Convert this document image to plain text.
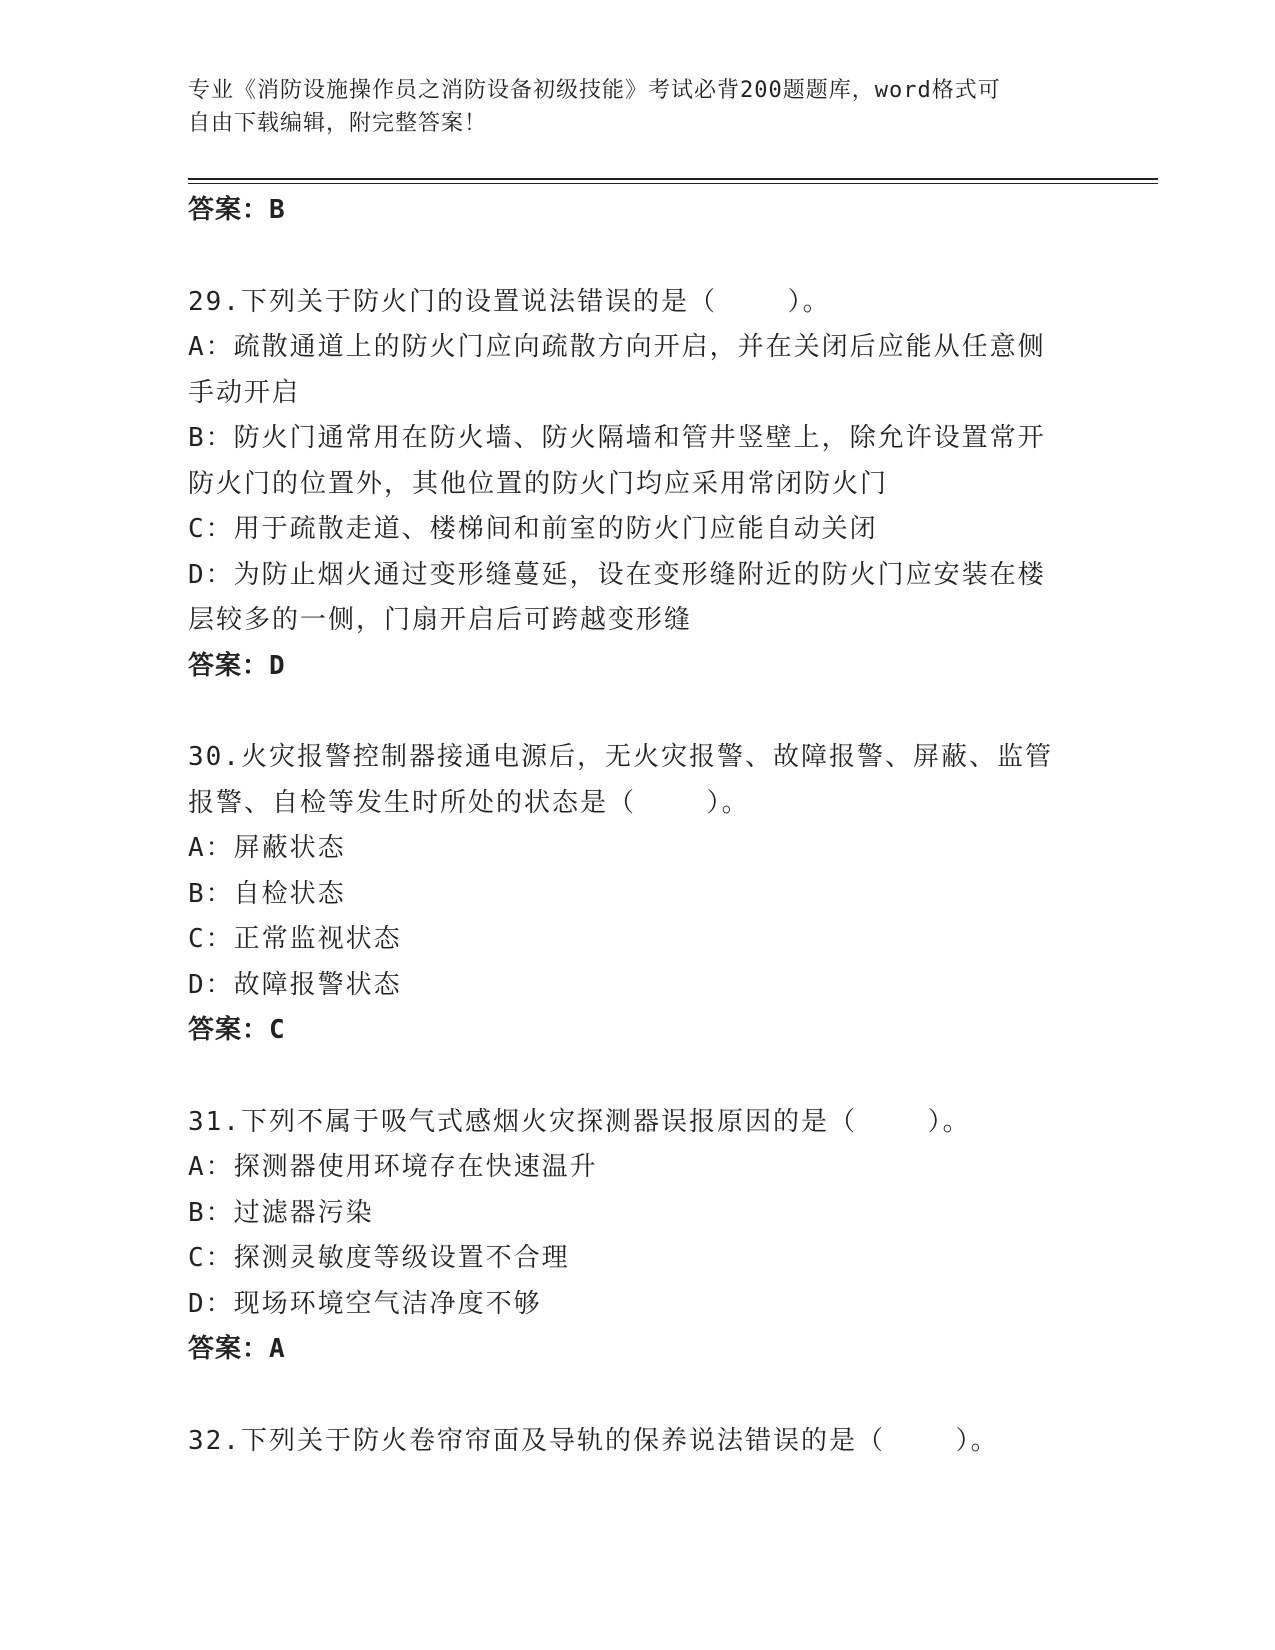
专业《消防设施操作员之消防设备初级技能》考试必背200题题库，word格式可
自由下载编辑，附完整答案！
答案：B
29.下列关于防火门的设置说法错误的是（    ）。
A：疏散通道上的防火门应向疏散方向开启，并在关闭后应能从任意侧
手动开启
B：防火门通常用在防火墙、防火隔墙和管井竖壁上，除允许设置常开
防火门的位置外，其他位置的防火门均应采用常闭防火门
C：用于疏散走道、楼梯间和前室的防火门应能自动关闭
D：为防止烟火通过变形缝蔓延，设在变形缝附近的防火门应安装在楼
层较多的一侧，门扇开启后可跨越变形缝
答案：D
30.火灾报警控制器接通电源后，无火灾报警、故障报警、屏蔽、监管
报警、自检等发生时所处的状态是（    ）。
A：屏蔽状态
B：自检状态
C：正常监视状态
D：故障报警状态
答案：C
31.下列不属于吸气式感烟火灾探测器误报原因的是（    ）。
A：探测器使用环境存在快速温升
B：过滤器污染
C：探测灵敏度等级设置不合理
D：现场环境空气洁净度不够
答案：A
32.下列关于防火卷帘帘面及导轨的保养说法错误的是（    ）。
